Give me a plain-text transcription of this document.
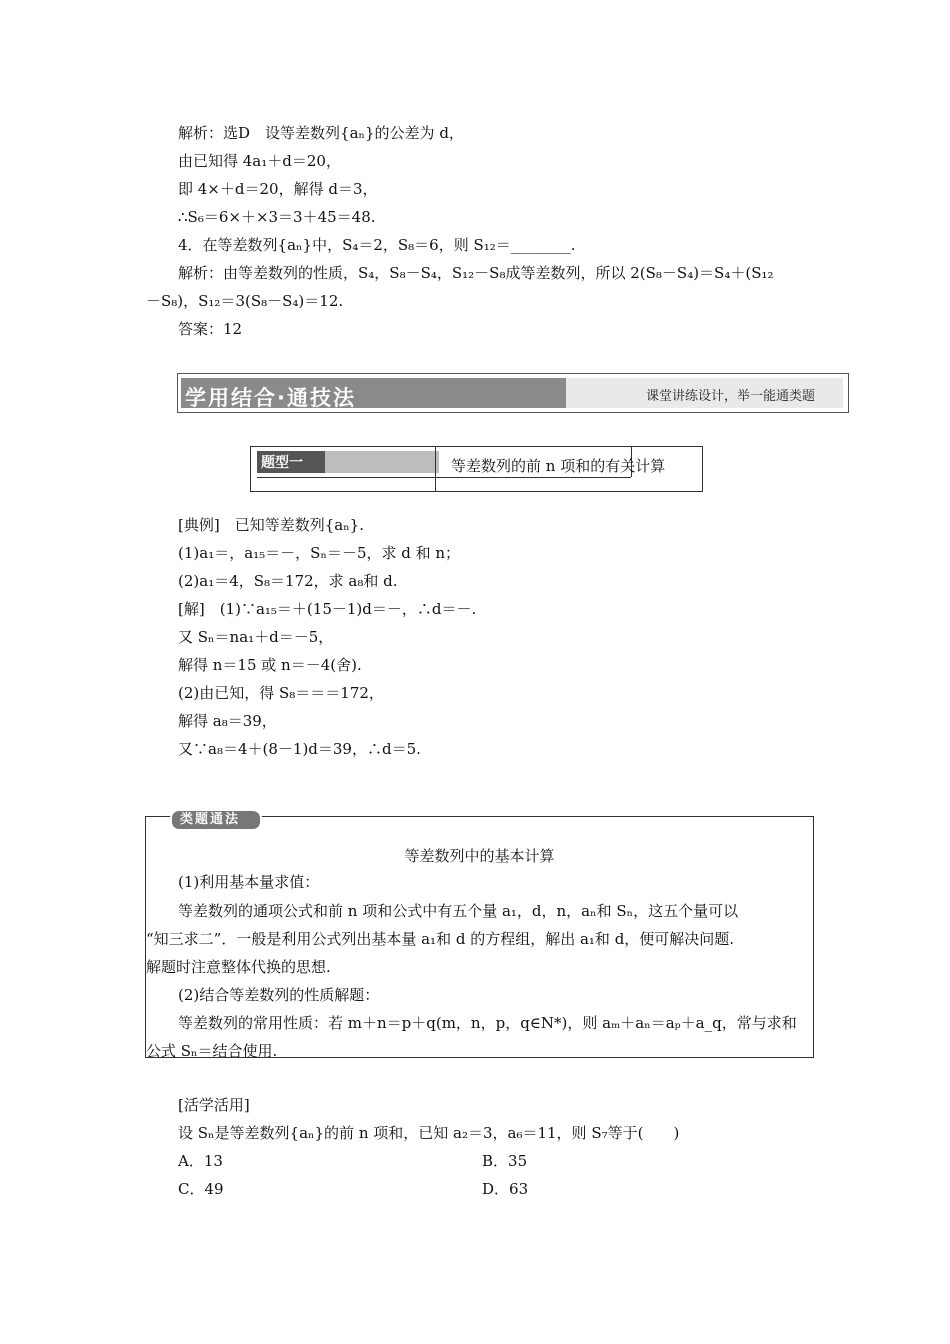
解析：选D　设等差数列{aₙ}的公差为 d，
由已知得 4a₁＋d＝20，
即 4×＋d＝20，解得 d＝3，
∴S₆＝6×＋×3＝3＋45＝48.
4．在等差数列{aₙ}中，S₄＝2，S₈＝6，则 S₁₂＝________.
解析：由等差数列的性质，S₄，S₈－S₄，S₁₂－S₈成等差数列，所以 2(S₈－S₄)＝S₄＋(S₁₂
－S₈)，S₁₂＝3(S₈－S₄)＝12.
答案：12
学用结合·通技法	课堂讲练设计，举一能通类题
题型一	等差数列的前 n 项和的有关计算
[典例]　已知等差数列{aₙ}.
(1)a₁＝，a₁₅＝－，Sₙ＝－5，求 d 和 n；
(2)a₁＝4，S₈＝172，求 a₈和 d.
[解]　(1)∵a₁₅＝＋(15－1)d＝－，∴d＝－.
又 Sₙ＝na₁＋d＝－5，
解得 n＝15 或 n＝－4(舍).
(2)由已知，得 S₈＝＝＝172，
解得 a₈＝39，
又∵a₈＝4＋(8－1)d＝39，∴d＝5.
类题通法
等差数列中的基本计算
(1)利用基本量求值：
等差数列的通项公式和前 n 项和公式中有五个量 a₁，d，n，aₙ和 Sₙ，这五个量可以
“知三求二”．一般是利用公式列出基本量 a₁和 d 的方程组，解出 a₁和 d，便可解决问题.
解题时注意整体代换的思想.
(2)结合等差数列的性质解题：
等差数列的常用性质：若 m＋n＝p＋q(m，n，p，q∈N*)，则 aₘ＋aₙ＝aₚ＋a_q，常与求和
公式 Sₙ＝结合使用.
[活学活用]
设 Sₙ是等差数列{aₙ}的前 n 项和，已知 a₂＝3，a₆＝11，则 S₇等于(　　)
A．13	B．35
C．49	D．63
